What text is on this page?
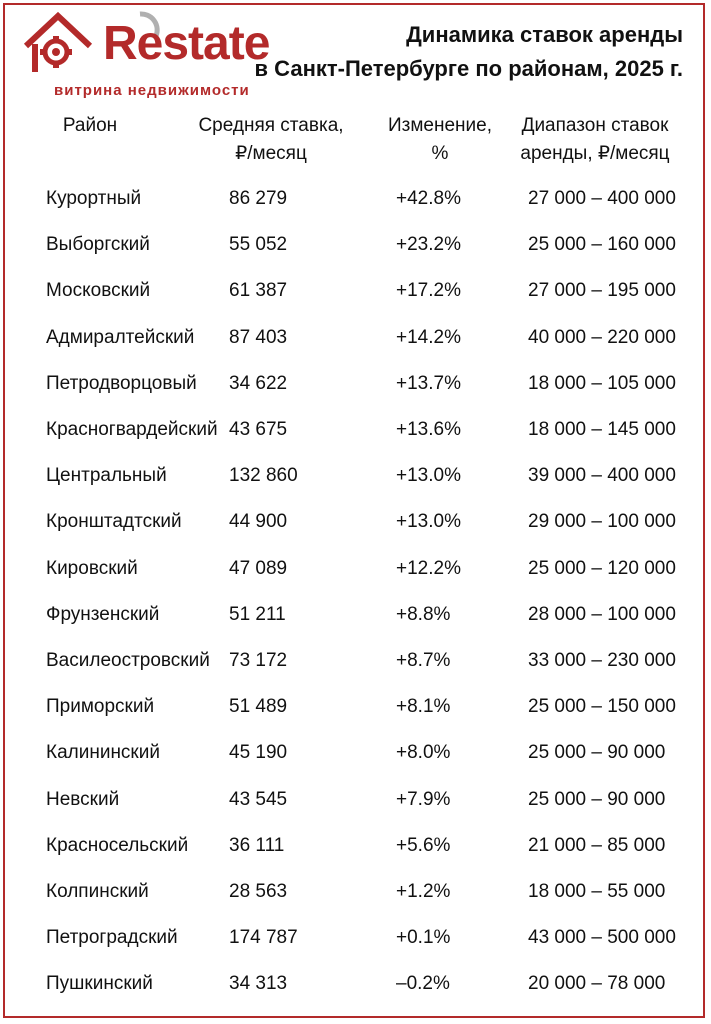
Restate
витрина недвижимости
Динамика ставок аренды
в Санкт-Петербурге по районам, 2025 г.
Район	Средняя ставка,
₽/месяц
Изменение,
%
Диапазон ставок
аренды, ₽/месяц
Курортный	86 279	+42.8%	27 000 – 400 000
Выборгский	55 052	+23.2%	25 000 – 160 000
Московский	61 387	+17.2%	27 000 – 195 000
Адмиралтейский 87 403	+14.2%	40 000 – 220 000
Петродворцовый 34 622	+13.7%	18 000 – 105 000
Красногвардейский 43 675	+13.6%	18 000 – 145 000
Центральный	132 860	+13.0%	39 000 – 400 000
Кронштадтский 44 900	+13.0%	29 000 – 100 000
Кировский	47 089	+12.2%	25 000 – 120 000
Фрунзенский	51 211	+8.8%	28 000 – 100 000
Василеостровский 73 172	+8.7%	33 000 – 230 000
Приморский	51 489	+8.1%	25 000 – 150 000
Калининский	45 190	+8.0%	25 000 – 90 000
Невский	43 545	+7.9%	25 000 – 90 000
Красносельский 36 111	+5.6%	21 000 – 85 000
Колпинский	28 563	+1.2%	18 000 – 55 000
Петроградский	174 787	+0.1%	43 000 – 500 000
Пушкинский	34 313	–0.2%	20 000 – 78 000
